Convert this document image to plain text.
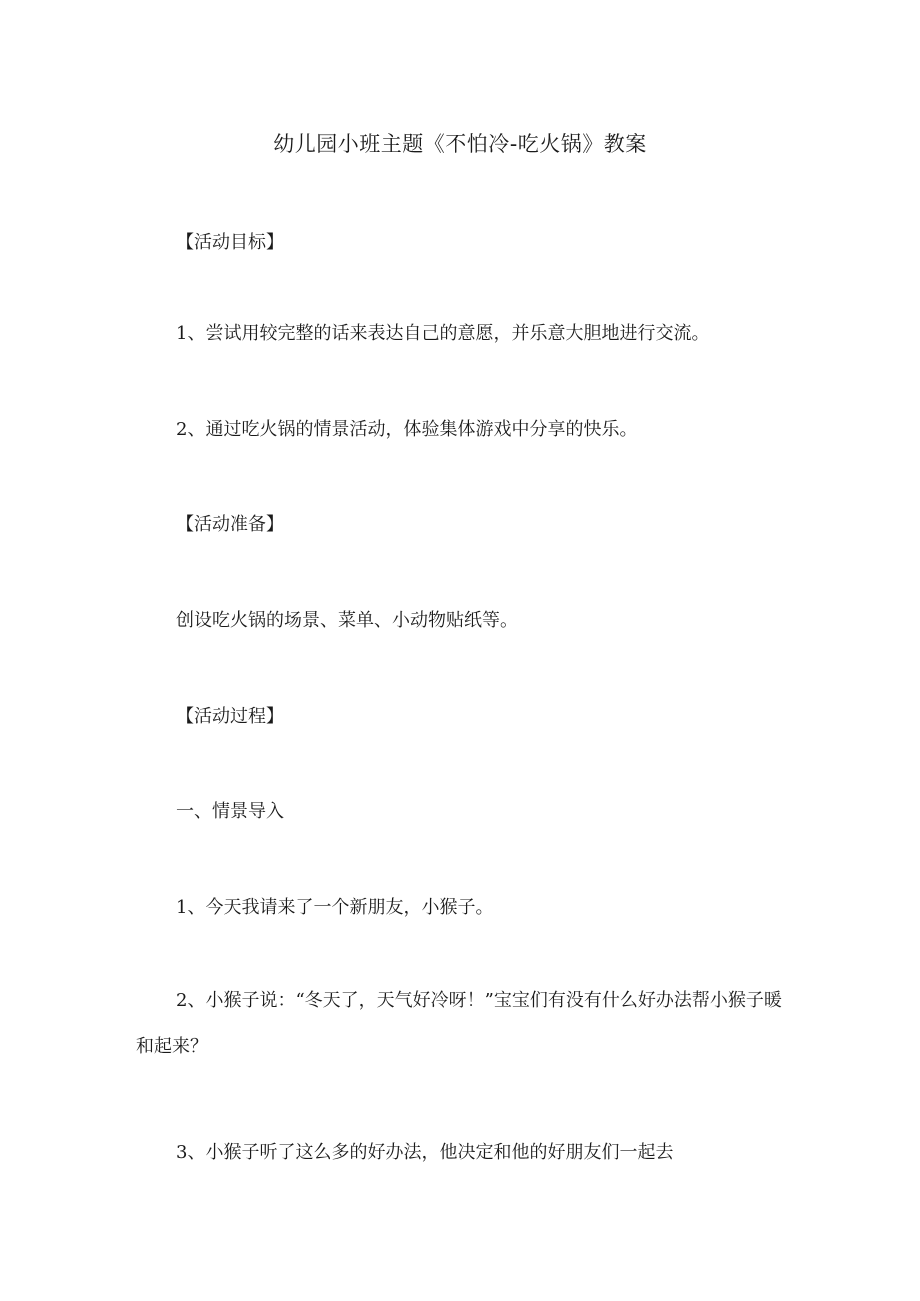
幼儿园小班主题《不怕冷-吃火锅》教案
【活动目标】
1、尝试用较完整的话来表达自己的意愿，并乐意大胆地进行交流。
2、通过吃火锅的情景活动，体验集体游戏中分享的快乐。
【活动准备】
创设吃火锅的场景、菜单、小动物贴纸等。
【活动过程】
一、情景导入
1、今天我请来了一个新朋友，小猴子。
2、小猴子说：“冬天了，天气好冷呀！”宝宝们有没有什么好办法帮小猴子暖和起来？
3、小猴子听了这么多的好办法，他决定和他的好朋友们一起去
